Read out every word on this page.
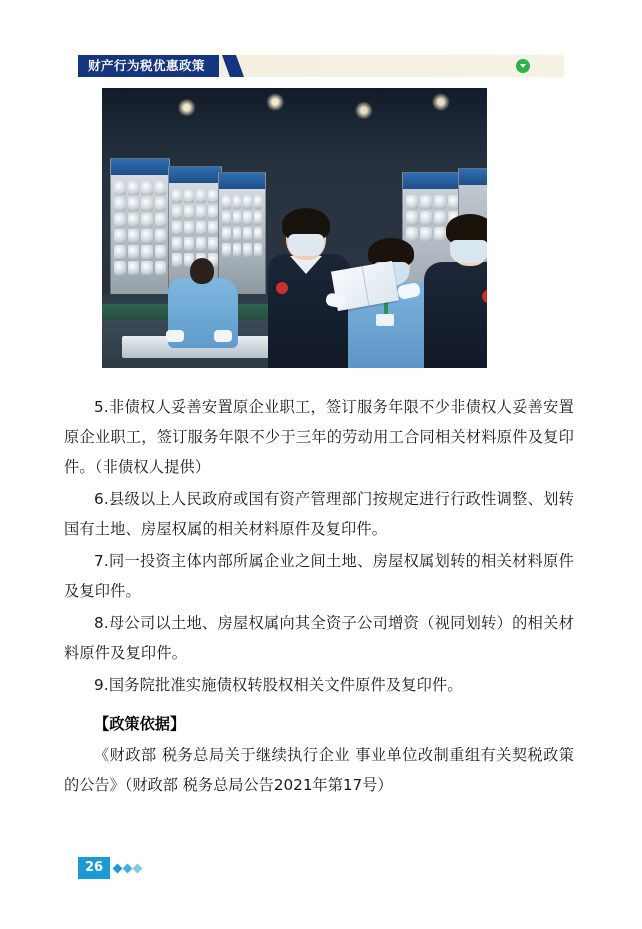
财产行为税优惠政策

5.非债权人妥善安置原企业职工，签订服务年限不少非债权人妥善安置 原企业职工，签订服务年限不少于三年的劳动用工合同相关材料原件及复印件。（非债权人提供）

6.县级以上人民政府或国有资产管理部门按规定进行行政性调整、划转国有土地、房屋权属的相关材料原件及复印件。

7.同一投资主体内部所属企业之间土地、房屋权属划转的相关材料原件及复印件。

8.母公司以土地、房屋权属向其全资子公司增资（视同划转）的相关材料原件及复印件。

9.国务院批准实施债权转股权相关文件原件及复印件。

【政策依据】

《财政部 税务总局关于继续执行企业 事业单位改制重组有关契税政策的公告》（财政部 税务总局公告2021年第17号）

26
